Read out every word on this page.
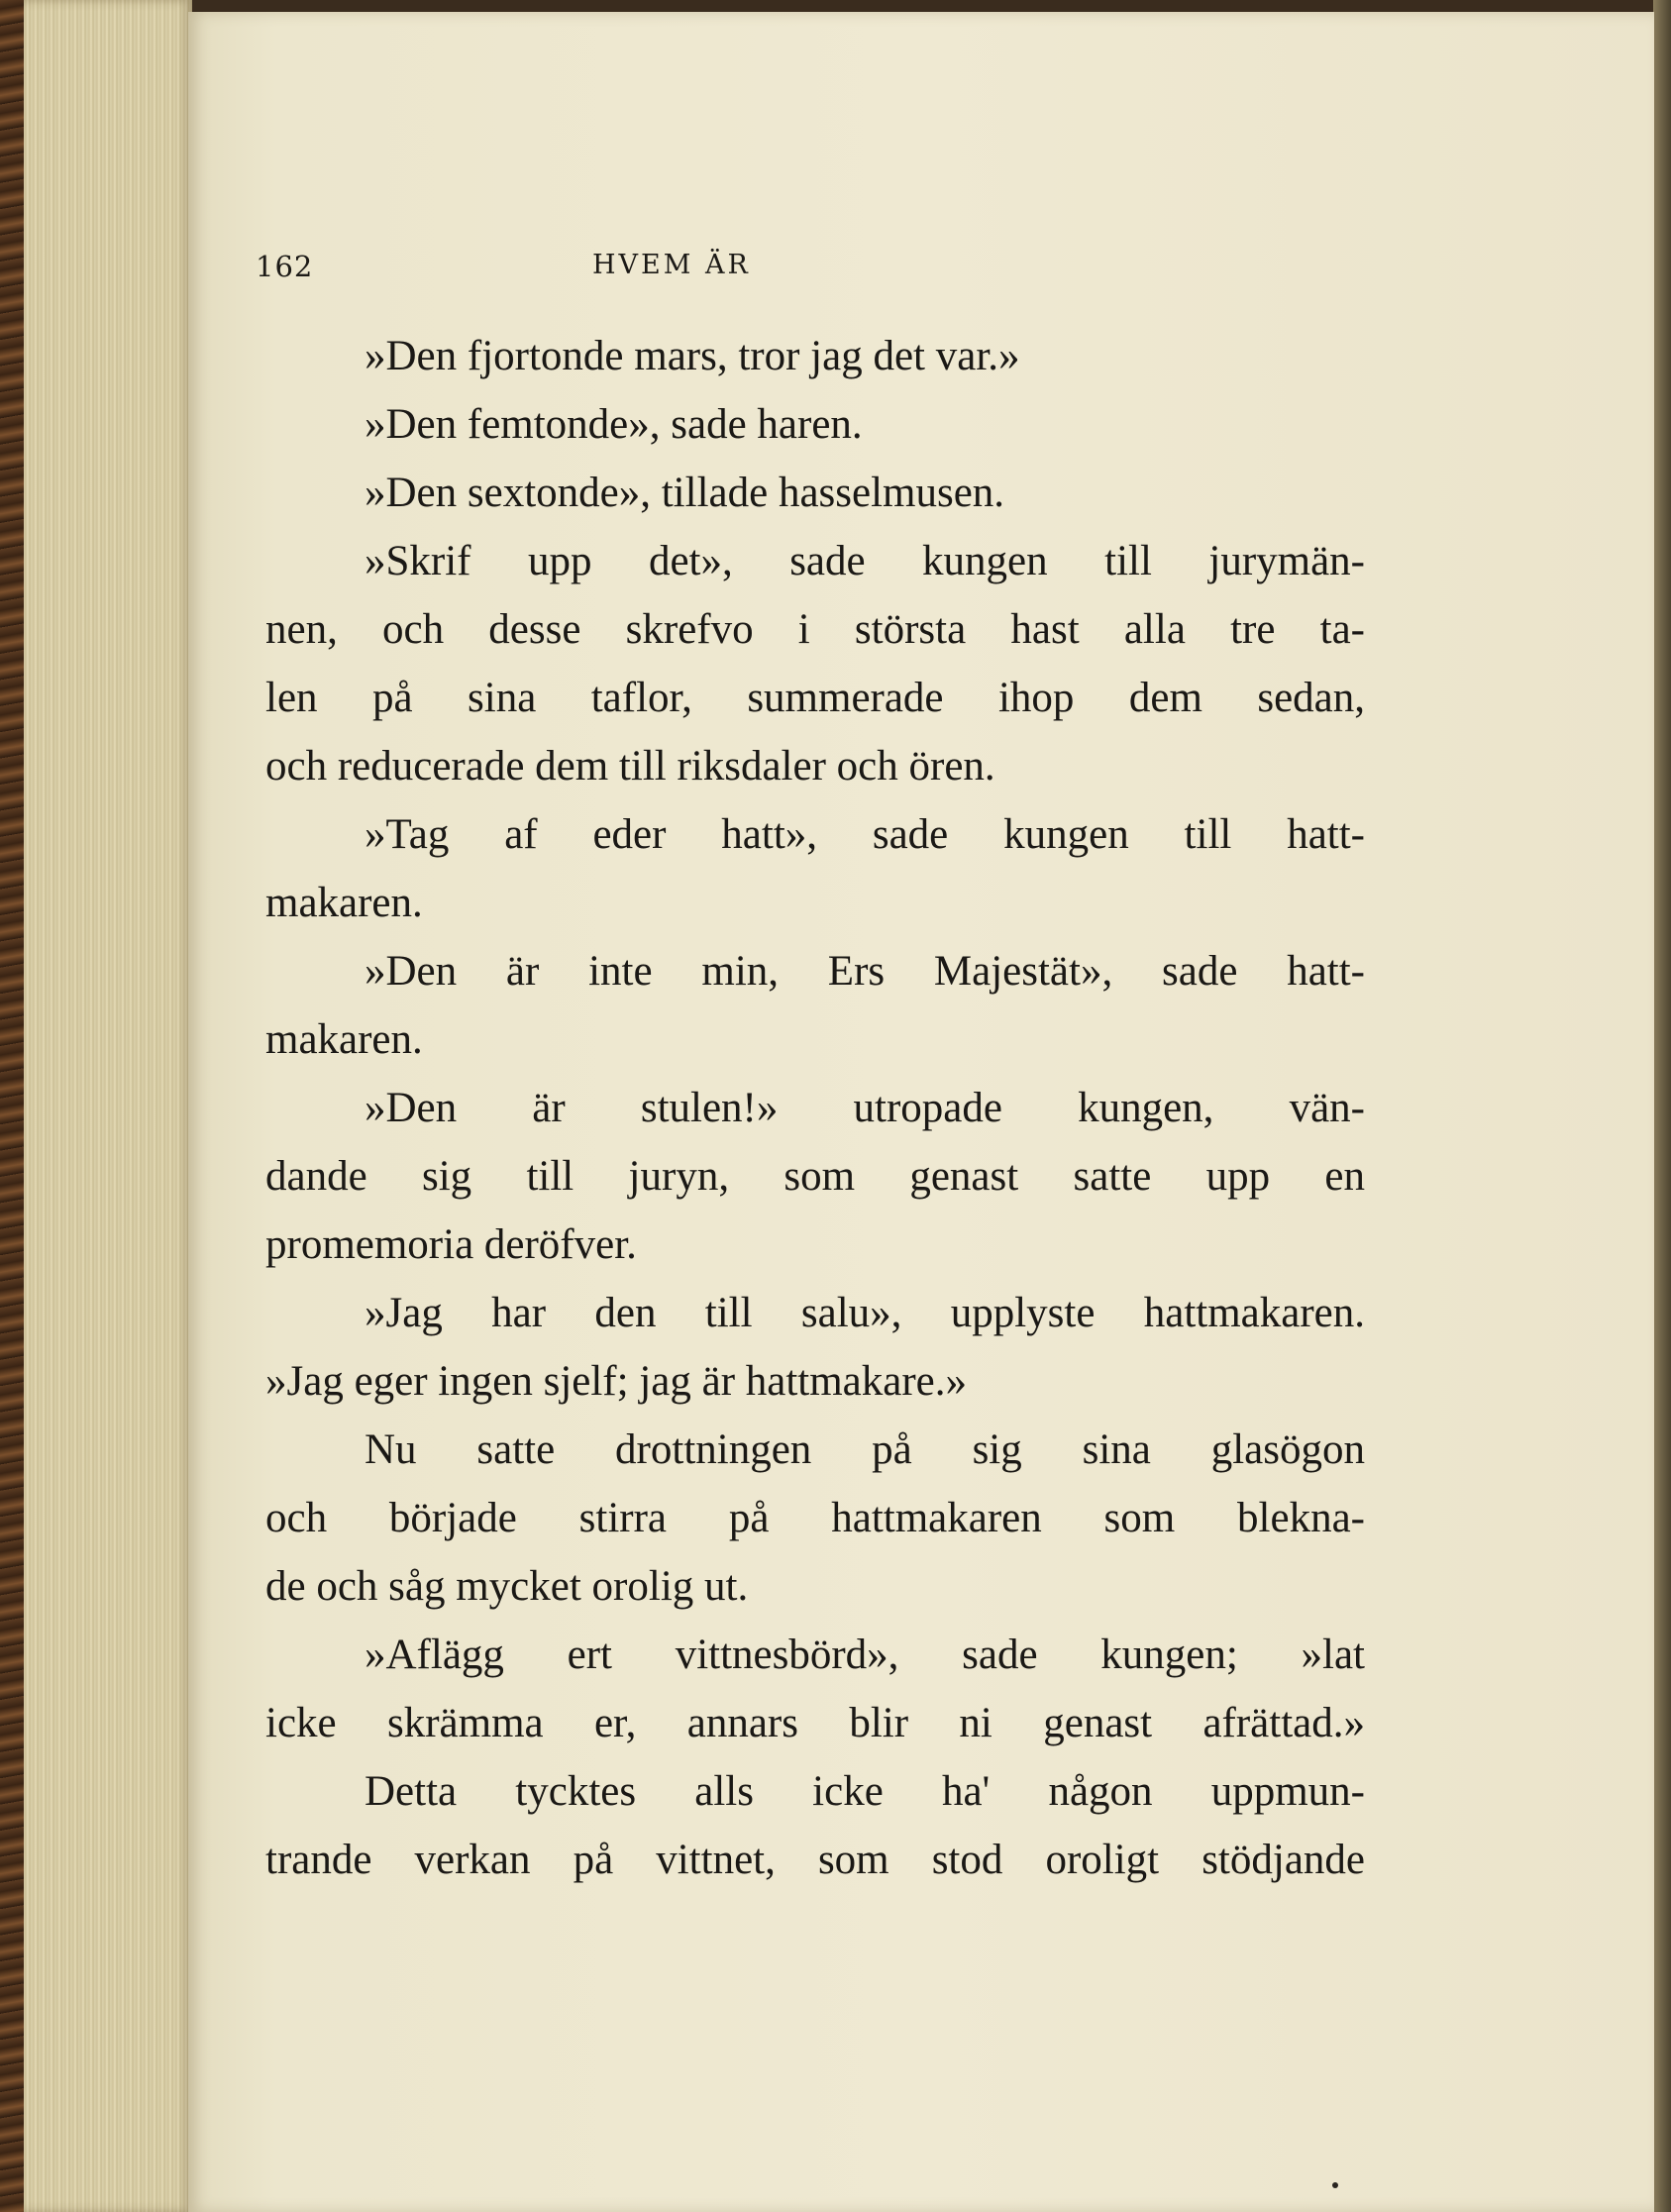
162	HVEM ÄR
»Den fjortonde mars, tror jag det var.»
»Den femtonde», sade haren.
»Den sextonde», tillade hasselmusen.
»Skrif upp det», sade kungen till jurymän-
nen, och desse skrefvo i största hast alla tre ta-
len på sina taflor, summerade ihop dem sedan,
och reducerade dem till riksdaler och ören.
»Tag af eder hatt», sade kungen till hatt-
makaren.
»Den är inte min, Ers Majestät», sade hatt-
makaren.
»Den är stulen!» utropade kungen, vän-
dande sig till juryn, som genast satte upp en
promemoria deröfver.
»Jag har den till salu», upplyste hattmakaren.
»Jag eger ingen sjelf; jag är hattmakare.»
Nu satte drottningen på sig sina glasögon
och började stirra på hattmakaren som blekna-
de och såg mycket orolig ut.
»Aflägg ert vittnesbörd», sade kungen; »lat
icke skrämma er, annars blir ni genast afrättad.»
Detta tycktes alls icke ha' någon uppmun-
trande verkan på vittnet, som stod oroligt stödjande
